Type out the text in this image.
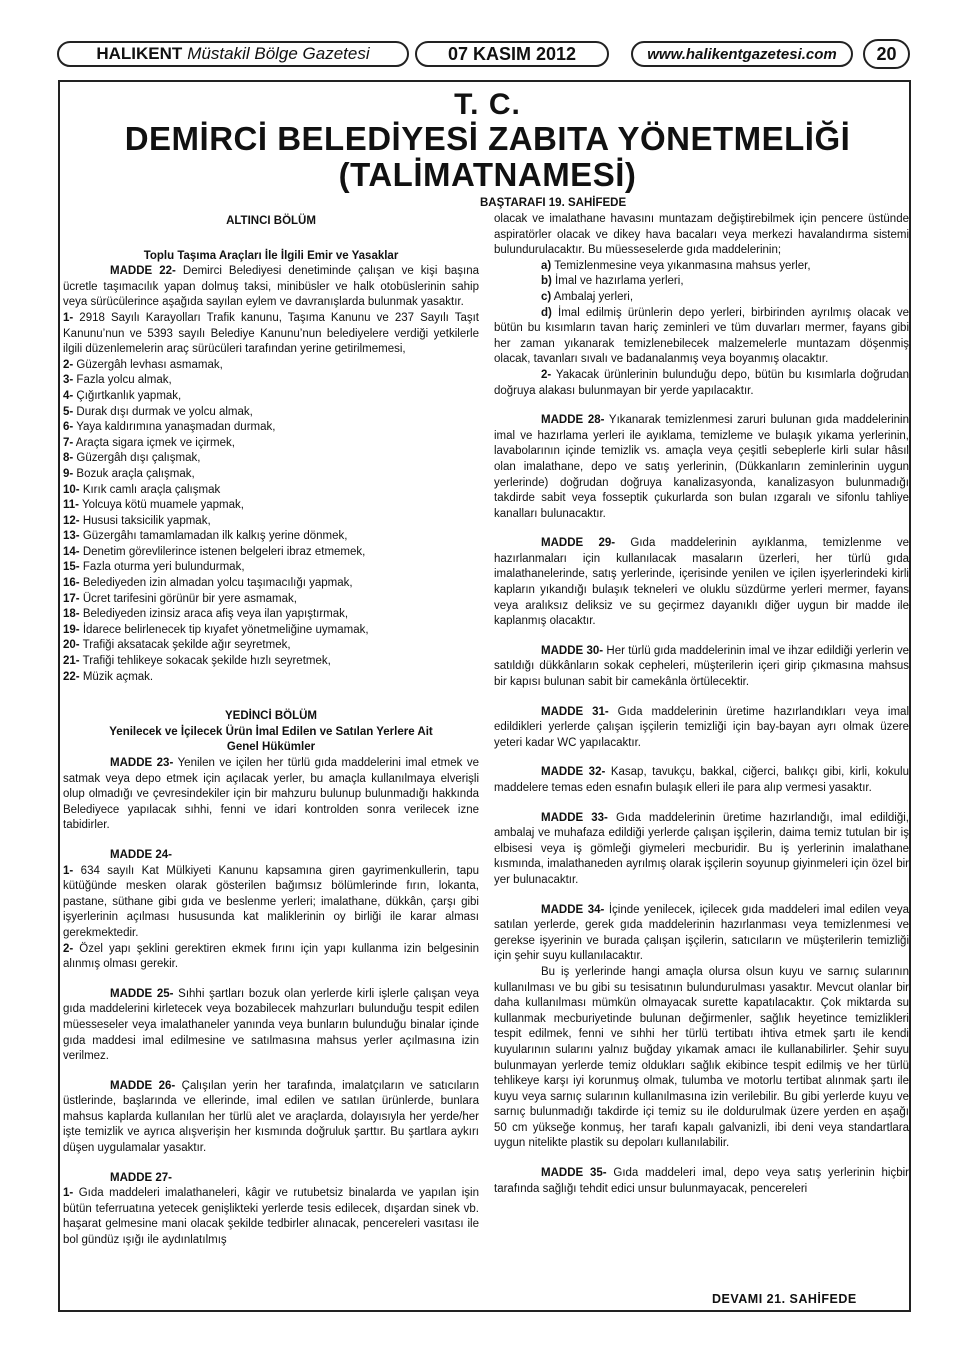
HALIKENT Müstakil Bölge Gazetesi	07 KASIM 2012	www.halikentgazetesi.com	20
T. C.
DEMİRCİ BELEDİYESİ ZABITA YÖNETMELİĞİ
(TALİMATNAMESİ)
BAŞTARAFI 19. SAHİFEDE

ALTINCI BÖLÜM

Toplu Taşıma Araçları İle İlgili Emir ve Yasaklar

MADDE 22- Demirci Belediyesi denetiminde çalışan ve kişi başına ücretle taşımacılık yapan dolmuş taksi, minibüsler ve halk otobüslerinin sahip veya sürücülerince aşağıda sayılan eylem ve davranışlarda bulunmak yasaktır.

1- 2918 Sayılı Karayolları Trafik kanunu, Taşıma Kanunu ve 237 Sayılı Taşıt Kanunu’nun ve 5393 sayılı Belediye Kanunu’nun belediyelere verdiği yetkilerle ilgili düzenlemelerin araç sürücüleri tarafından yerine getirilmemesi,

2- Güzergâh levhası asmamak,

3- Fazla yolcu almak,

4- Çığırtkanlık yapmak,

5- Durak dışı durmak ve yolcu almak,

6- Yaya kaldırımına yanaşmadan durmak,

7- Araçta sigara içmek ve içirmek,

8- Güzergâh dışı çalışmak,

9- Bozuk araçla çalışmak,

10- Kırık camlı araçla çalışmak

11- Yolcuya kötü muamele yapmak,

12- Hususi taksicilik yapmak,

13- Güzergâhı tamamlamadan ilk kalkış yerine dönmek,

14- Denetim görevlilerince istenen belgeleri ibraz etmemek,

15- Fazla oturma yeri bulundurmak,

16- Belediyeden izin almadan yolcu taşımacılığı yapmak,

17- Ücret tarifesini görünür bir yere asmamak,

18- Belediyeden izinsiz araca afiş veya ilan yapıştırmak,

19- İdarece belirlenecek tip kıyafet yönetmeliğine uymamak,

20- Trafiği aksatacak şekilde ağır seyretmek,

21- Trafiği tehlikeye sokacak şekilde hızlı seyretmek,

22- Müzik açmak.

YEDİNCİ BÖLÜM

Yenilecek ve İçilecek Ürün İmal Edilen ve Satılan Yerlere Ait

Genel Hükümler

MADDE 23- Yenilen ve içilen her türlü gıda maddelerini imal etmek ve satmak veya depo etmek için açılacak yerler, bu amaçla kullanılmaya elverişli olup olmadığı ve çevresindekiler için bir mahzuru bulunup bulunmadığı hakkında Belediyece yapılacak sıhhi, fenni ve idari kontrolden sonra verilecek izne tabidirler.

MADDE 24-

1- 634 sayılı Kat Mülkiyeti Kanunu kapsamına giren gayrimenkullerin, tapu kütüğünde mesken olarak gösterilen bağımsız bölümlerinde fırın, lokanta, pastane, süthane gibi gıda ve beslenme yerleri; imalathane, dükkân, çarşı gibi işyerlerinin açılması hususunda kat maliklerinin oy birliği ile karar alması gerekmektedir.

2- Özel yapı şeklini gerektiren ekmek fırını için yapı kullanma izin belgesinin alınmış olması gerekir.

MADDE 25- Sıhhi şartları bozuk olan yerlerde kirli işlerle çalışan veya gıda maddelerini kirletecek veya bozabilecek mahzurları bulunduğu tespit edilen müesseseler veya imalathaneler yanında veya bunların bulunduğu binalar içinde gıda maddesi imal edilmesine ve satılmasına mahsus yerler açılmasına izin verilmez.

MADDE 26- Çalışılan yerin her tarafında, imalatçıların ve satıcıların üstlerinde, başlarında ve ellerinde, imal edilen ve satılan ürünlerde, bunlara mahsus kaplarda kullanılan her türlü alet ve araçlarda, dolayısıyla her yerde/her işte temizlik ve ayrıca alışverişin her kısmında doğruluk şarttır. Bu şartlara aykırı düşen uygulamalar yasaktır.

MADDE 27-

1- Gıda maddeleri imalathaneleri, kâgir ve rutubetsiz binalarda ve yapılan işin bütün teferruatına yetecek genişlikteki yerlerde tesis edilecek, dışardan sinek vb. haşarat gelmesine mani olacak şekilde tedbirler alınacak, pencereleri vasıtası ile bol gündüz ışığı ile aydınlatılmış

olacak ve imalathane havasını muntazam değiştirebilmek için pencere üstünde aspiratörler olacak ve dikey hava bacaları veya merkezi havalandırma sistemi bulundurulacaktır. Bu müesseselerde gıda maddelerinin;

a) Temizlenmesine veya yıkanmasına mahsus yerler,

b) İmal ve hazırlama yerleri,

c) Ambalaj yerleri,

d) İmal edilmiş ürünlerin depo yerleri, birbirinden ayrılmış olacak ve bütün bu kısımların tavan hariç zeminleri ve tüm duvarları mermer, fayans gibi her zaman yıkanarak temizlenebilecek malzemelerle muntazam döşenmiş olacak, tavanları sıvalı ve badanalanmış veya boyanmış olacaktır.

2- Yakacak ürünlerinin bulunduğu depo, bütün bu kısımlarla doğrudan doğruya alakası bulunmayan bir yerde yapılacaktır.

MADDE 28- Yıkanarak temizlenmesi zaruri bulunan gıda maddelerinin imal ve hazırlama yerleri ile ayıklama, temizleme ve bulaşık yıkama yerlerinin, lavabolarının içinde temizlik vs. amaçla veya çeşitli sebeplerle kirli sular hâsıl olan imalathane, depo ve satış yerlerinin, (Dükkanların zeminlerinin uygun yerlerinde) doğrudan doğruya kanalizasyonda, kanalizasyon bulunmadığı takdirde sabit veya fosseptik çukurlarda son bulan ızgaralı ve sifonlu tahliye kanalları bulunacaktır.

MADDE 29- Gıda maddelerinin ayıklanma, temizlenme ve hazırlanmaları için kullanılacak masaların üzerleri, her türlü gıda imalathanelerinde, satış yerlerinde, içerisinde yenilen ve içilen işyerlerindeki kirli kapların yıkandığı bulaşık tekneleri ve oluklu süzdürme yerleri mermer, fayans veya aralıksız deliksiz ve su geçirmez dayanıklı diğer uygun bir madde ile kaplanmış olacaktır.

MADDE 30- Her türlü gıda maddelerinin imal ve ihzar edildiği yerlerin ve satıldığı dükkânların sokak cepheleri, müşterilerin içeri girip çıkmasına mahsus bir kapısı bulunan sabit bir camekânla örtülecektir.

MADDE 31- Gıda maddelerinin üretime hazırlandıkları veya imal edildikleri yerlerde çalışan işçilerin temizliği için bay-bayan ayrı olmak üzere yeteri kadar WC yapılacaktır.

MADDE 32- Kasap, tavukçu, bakkal, ciğerci, balıkçı gibi, kirli, kokulu maddelere temas eden esnafın bulaşık elleri ile para alıp vermesi yasaktır.

MADDE 33- Gıda maddelerinin üretime hazırlandığı, imal edildiği, ambalaj ve muhafaza edildiği yerlerde çalışan işçilerin, daima temiz tutulan bir iş elbisesi veya iş gömleği giymeleri mecburidir. Bu iş yerlerinin imalathane kısmında, imalathaneden ayrılmış olarak işçilerin soyunup giyinmeleri için özel bir yer bulunacaktır.

MADDE 34- İçinde yenilecek, içilecek gıda maddeleri imal edilen veya satılan yerlerde, gerek gıda maddelerinin hazırlanması veya temizlenmesi ve gerekse işyerinin ve burada çalışan işçilerin, satıcıların ve müşterilerin temizliği için şehir suyu kullanılacaktır.

Bu iş yerlerinde hangi amaçla olursa olsun kuyu ve sarnıç sularının kullanılması ve bu gibi su tesisatının bulundurulması yasaktır. Mevcut olanlar bir daha kullanılması mümkün olmayacak surette kapatılacaktır. Çok miktarda su kullanmak mecburiyetinde bulunan değirmenler, sağlık heyetince temizlikleri tespit edilmek, fenni ve sıhhi her türlü tertibatı ihtiva etmek şartı ile kendi kuyularının sularını yalnız buğday yıkamak amacı ile kullanabilirler. Şehir suyu bulunmayan yerlerde temiz oldukları sağlık ekibince tespit edilmiş ve her türlü tehlikeye karşı iyi korunmuş olmak, tulumba ve motorlu tertibat alınmak şartı ile kuyu veya sarnıç sularının kullanılmasına izin verilebilir. Bu gibi yerlerde kuyu ve sarnıç bulunmadığı takdirde içi temiz su ile doldurulmak üzere yerden en aşağı 50 cm yükseğe konmuş, her tarafı kapalı galvanizli, ibi deni veya standartlara uygun nitelikte plastik su depoları kullanılabilir.

MADDE 35- Gıda maddeleri imal, depo veya satış yerlerinin hiçbir tarafında sağlığı tehdit edici unsur bulunmayacak, pencereleri

DEVAMI 21. SAHİFEDE
